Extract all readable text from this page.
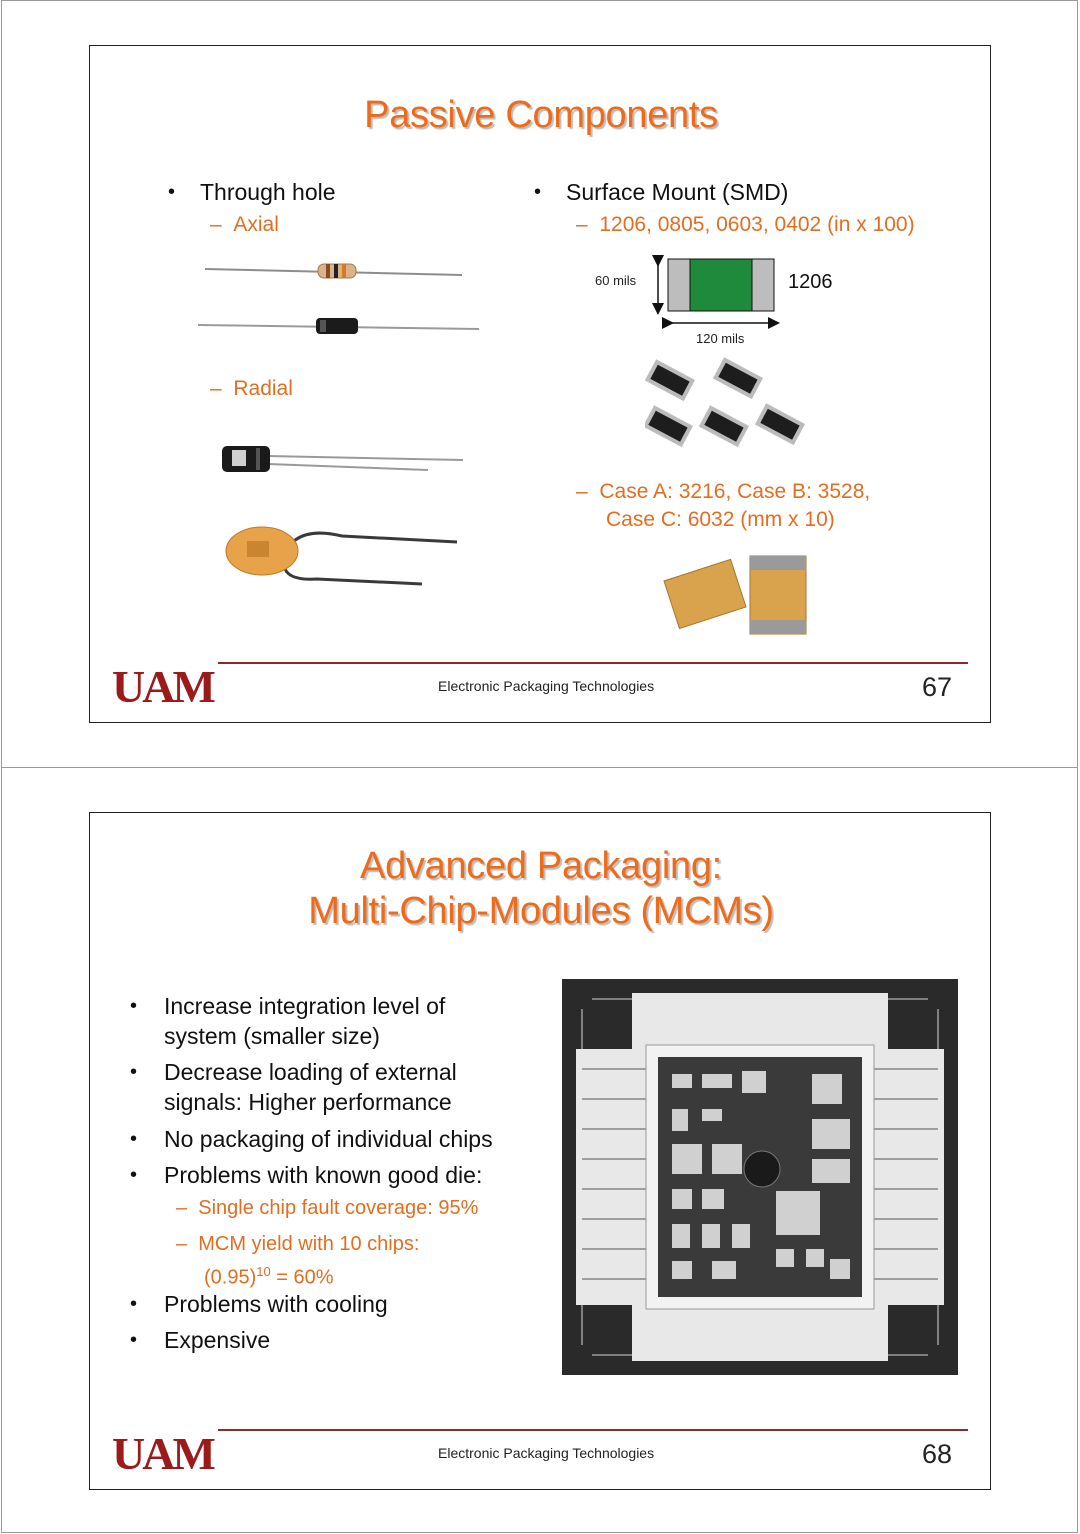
Passive Components
• Through hole
–  Axial
–  Radial
• Surface Mount (SMD)
–  1206, 0805, 0603, 0402 (in x 100)
60 mils	1206
120 mils
–  Case A: 3216, Case B: 3528,
Case C: 6032 (mm x 10)
UAM	Electronic Packaging Technologies	67
Advanced Packaging:
Multi-Chip-Modules (MCMs)
• Increase integration level of
system (smaller size)
• Decrease loading of external
signals: Higher performance
• No packaging of individual chips
• Problems with known good die:
–  Single chip fault coverage: 95%
–  MCM yield with 10 chips:
$(0.95)^{10} = 60\%$
• Problems with cooling
• Expensive
UAM	Electronic Packaging Technologies	68
